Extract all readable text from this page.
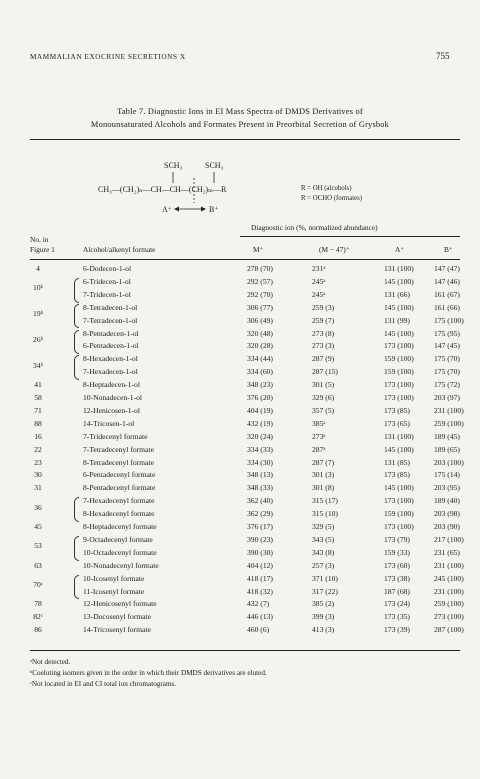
MAMMALIAN EXOCRINE SECRETIONS X	755
Table 7. Diagnostic Ions in EI Mass Spectra of DMDS Derivatives of
Monounsaturated Alcohols and Formates Present in Preorbital Secretion of Grysbok
SCH₃	SCH₃
CH₃—(CH₂)ₙ—CH—CH—(CH₂)ₘ—R
A⁺	B⁺
R = OH (alcohols)
R = OCHO (formates)
Diagnostic ion (%, normalized abundance)
No. in
Figure 1	Alcohol/alkenyl formate	M⁺	(M − 47)⁺	A⁺	B⁺
4	6-Dodecen-1-ol	278 (70)	231ᵃ	131 (100)	147 (47)
10ᵇ
6-Tridecen-1-ol	292 (57)	245ᵃ	145 (100)	147 (46)
7-Tridecen-1-ol	292 (70)	245ᵃ	131 (66)	161 (67)
19ᵇ
8-Tetradecen-1-ol	306 (77)	259 (3)	145 (100)	161 (66)
7-Tetradecen-1-ol	306 (49)	259 (7)	131 (99)	175 (100)
26ᵇ
8-Pentadecen-1-ol	320 (48)	273 (8)	145 (100)	175 (95)
6-Pentadecen-1-ol	320 (28)	273 (3)	173 (100)	147 (45)
34ᵇ
8-Hexadecen-1-ol	334 (44)	287 (9)	159 (100)	175 (70)
7-Hexadecen-1-ol	334 (60)	287 (15)	159 (100)	175 (70)
41	8-Heptadecen-1-ol	348 (23)	301 (5)	173 (100)	175 (72)
58	10-Nonadecen-1-ol	376 (20)	329 (6)	173 (100)	203 (97)
71	12-Henicosen-1-ol	404 (19)	357 (5)	173 (85)	231 (100)
88	14-Tricosen-1-ol	432 (19)	385ᵃ	173 (65)	259 (100)
16	7-Tridecenyl formate	320 (24)	273ᵃ	131 (100)	189 (45)
22	7-Tetradecenyl formate	334 (33)	287ᵃ	145 (100)	189 (65)
23	8-Tetradecenyl formate	334 (30)	287 (7)	131 (85)	203 (100)
30	6-Pentadecenyl formate	348 (13)	301 (3)	173 (85)	175 (14)
31	8-Pentadecenyl formate	348 (33)	301 (8)	145 (100)	203 (95)
36
7-Hexadecenyl formate	362 (40)	315 (17)	173 (100)	189 (40)
8-Hexadecenyl formate	362 (29)	315 (10)	159 (100)	203 (98)
45	8-Heptadecenyl formate	376 (17)	329 (5)	173 (100)	203 (90)
53
9-Octadecenyl formate	390 (23)	343 (5)	173 (79)	217 (100)
10-Octadecenyl formate	390 (30)	343 (8)	159 (33)	231 (65)
63	10-Nonadecenyl formate	404 (12)	257 (3)	173 (60)	231 (100)
70ᶜ
10-Icosenyl formate	418 (17)	371 (10)	173 (38)	245 (100)
11-Icosenyl formate	418 (32)	317 (22)	187 (68)	231 (100)
78	12-Henicosenyl formate	432 (7)	385 (2)	173 (24)	259 (100)
82ᶜ	13-Docosenyl formate	446 (13)	399 (3)	173 (35)	273 (100)
86	14-Tricosenyl formate	460 (6)	413 (3)	173 (39)	287 (100)
ᵃNot detected.
ᵇCoeluting isomers given in the order in which their DMDS derivatives are eluted.
ᶜNot located in EI and CI total ion chromatograms.
